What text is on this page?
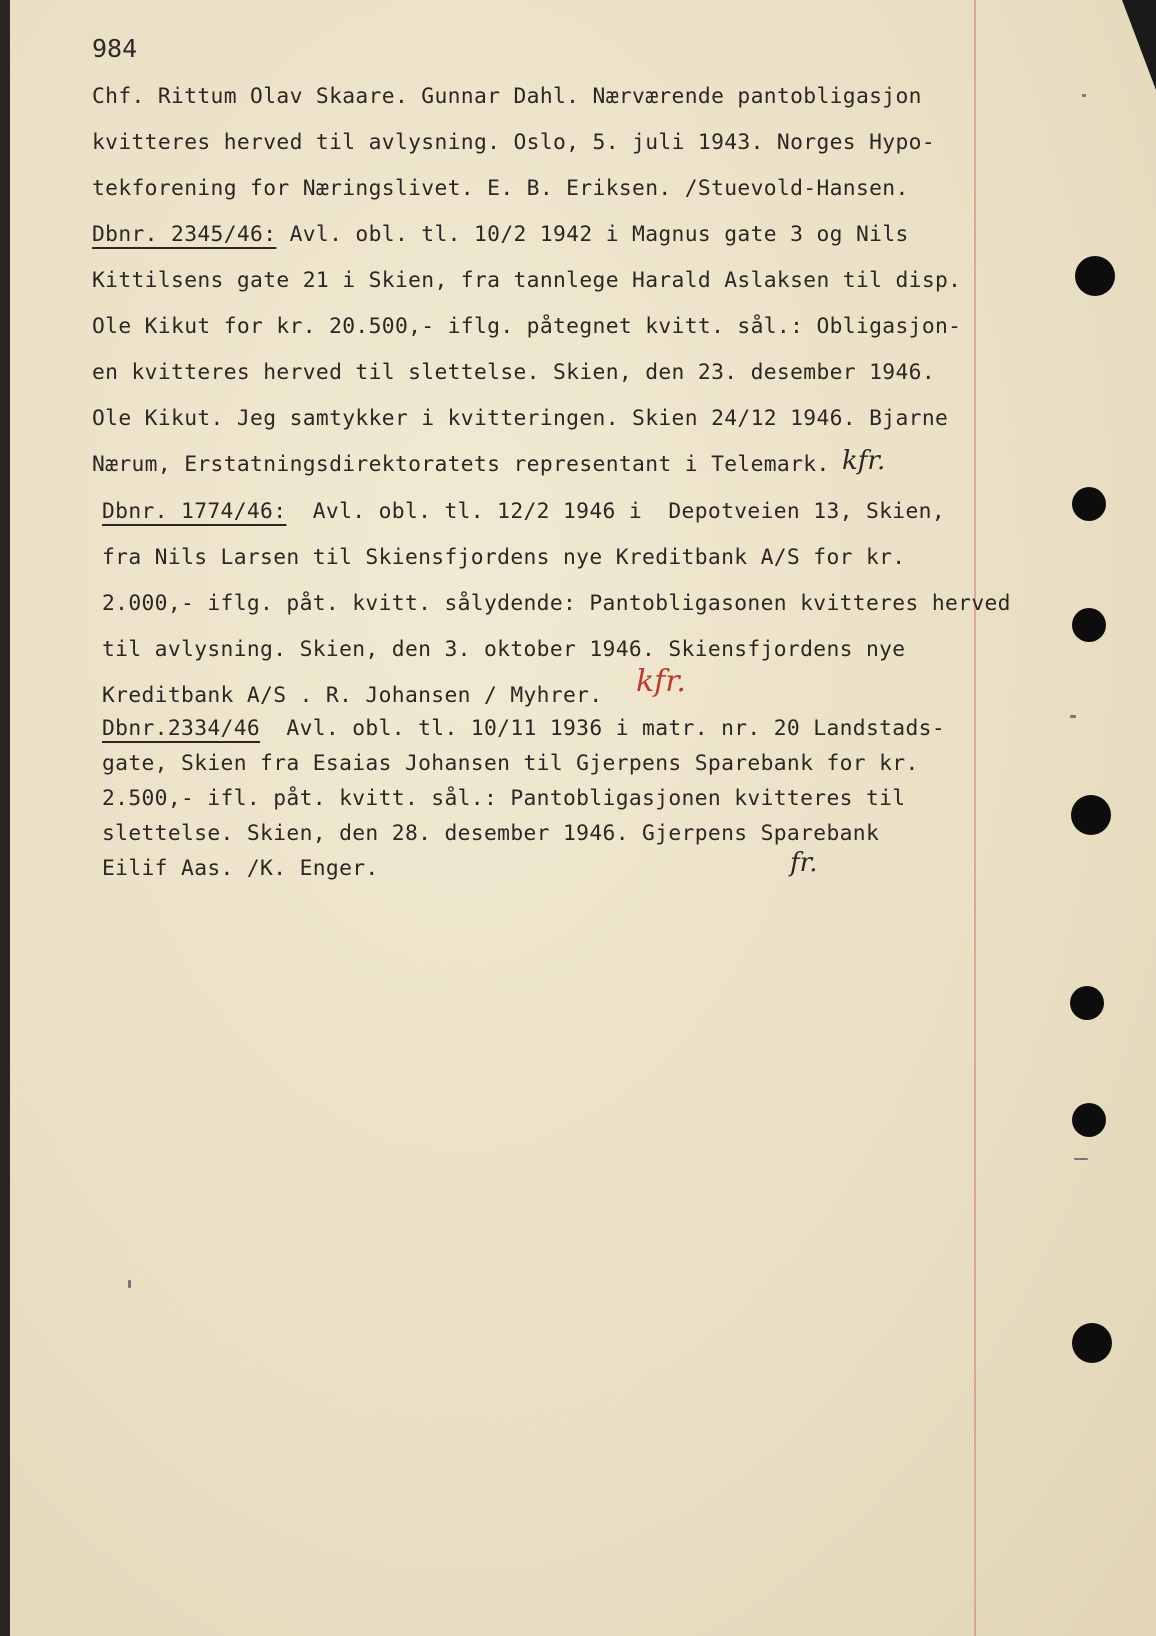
984
Chf. Rittum Olav Skaare. Gunnar Dahl. Nærværende pantobligasjon
kvitteres herved til avlysning. Oslo, 5. juli 1943. Norges Hypo-
tekforening for Næringslivet. E. B. Eriksen. /Stuevold-Hansen.
Dbnr. 2345/46: Avl. obl. tl. 10/2 1942 i Magnus gate 3 og Nils
Kittilsens gate 21 i Skien, fra tannlege Harald Aslaksen til disp.
Ole Kikut for kr. 20.500,- iflg. påtegnet kvitt. sål.: Obligasjon-
en kvitteres herved til slettelse. Skien, den 23. desember 1946.
Ole Kikut. Jeg samtykker i kvitteringen. Skien 24/12 1946. Bjarne
Nærum, Erstatningsdirektoratets representant i Telemark.
Dbnr. 1774/46:  Avl. obl. tl. 12/2 1946 i  Depotveien 13, Skien,
fra Nils Larsen til Skiensfjordens nye Kreditbank A/S for kr.
2.000,- iflg. påt. kvitt. sålydende: Pantobligasonen kvitteres herved
til avlysning. Skien, den 3. oktober 1946. Skiensfjordens nye
Kreditbank A/S . R. Johansen / Myhrer.
Dbnr.2334/46  Avl. obl. tl. 10/11 1936 i matr. nr. 20 Landstads-
gate, Skien fra Esaias Johansen til Gjerpens Sparebank for kr.
2.500,- ifl. påt. kvitt. sål.: Pantobligasjonen kvitteres til
slettelse. Skien, den 28. desember 1946. Gjerpens Sparebank
Eilif Aas. /K. Enger.
kfr.
kfr.
fr.
